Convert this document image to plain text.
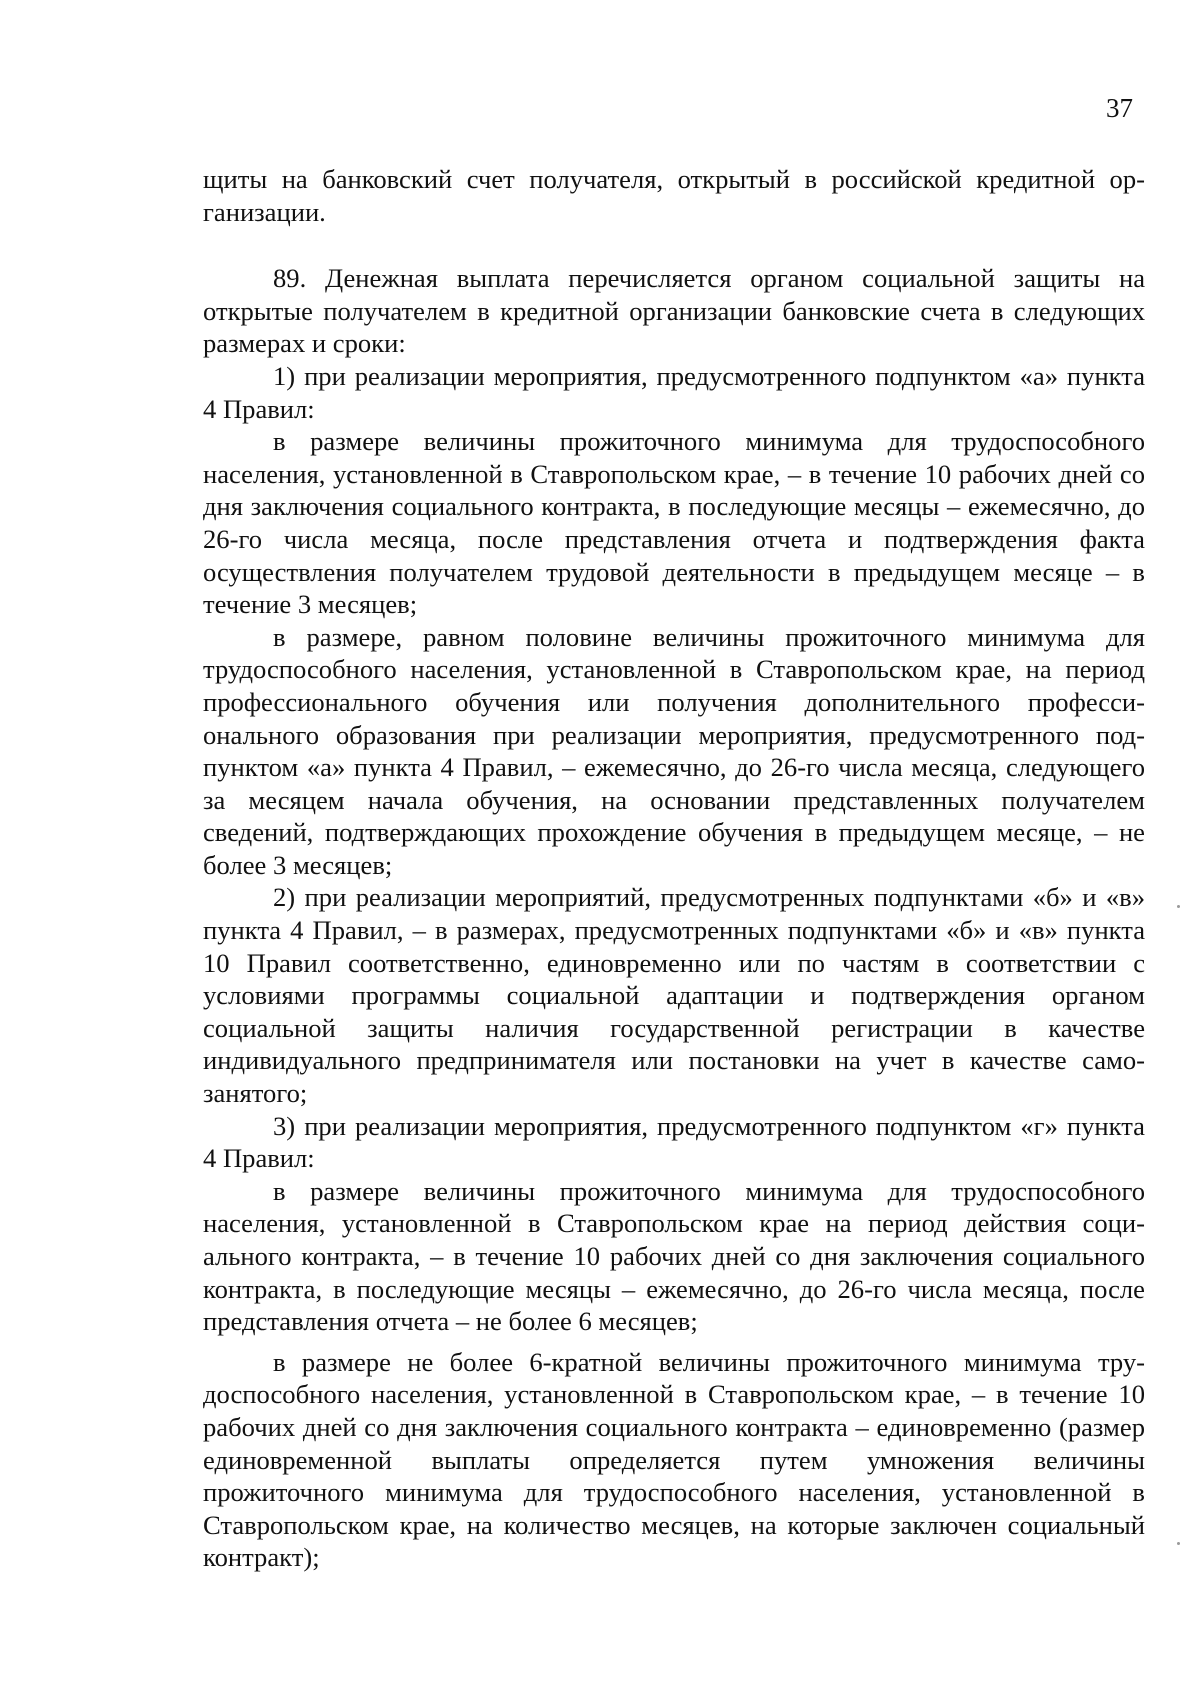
37

щиты на банковский счет получателя, открытый в российской кредитной организации.

89. Денежная выплата перечисляется органом социальной защиты на открытые получателем в кредитной организации банковские счета в следующих размерах и сроки:

1) при реализации мероприятия, предусмотренного подпунктом «а» пункта 4 Правил:

в размере величины прожиточного минимума для трудоспособного населения, установленной в Ставропольском крае, – в течение 10 рабочих дней со дня заключения социального контракта, в последующие месяцы – ежемесячно, до 26-го числа месяца, после представления отчета и подтверждения факта осуществления получателем трудовой деятельности в предыдущем месяце – в течение 3 месяцев;

в размере, равном половине величины прожиточного минимума для трудоспособного населения, установленной в Ставропольском крае, на период профессионального обучения или получения дополнительного профессионального образования при реализации мероприятия, предусмотренного подпунктом «а» пункта 4 Правил, – ежемесячно, до 26-го числа месяца, следующего за месяцем начала обучения, на основании представленных получателем сведений, подтверждающих прохождение обучения в предыдущем месяце, – не более 3 месяцев;

2) при реализации мероприятий, предусмотренных подпунктами «б» и «в» пункта 4 Правил, – в размерах, предусмотренных подпунктами «б» и «в» пункта 10 Правил соответственно, единовременно или по частям в соответствии с условиями программы социальной адаптации и подтверждения органом социальной защиты наличия государственной регистрации в качестве индивидуального предпринимателя или постановки на учет в качестве самозанятого;

3) при реализации мероприятия, предусмотренного подпунктом «г» пункта 4 Правил:

в размере величины прожиточного минимума для трудоспособного населения, установленной в Ставропольском крае на период действия социального контракта, – в течение 10 рабочих дней со дня заключения социального контракта, в последующие месяцы – ежемесячно, до 26-го числа месяца, после представления отчета – не более 6 месяцев;

в размере не более 6-кратной величины прожиточного минимума трудоспособного населения, установленной в Ставропольском крае, – в течение 10 рабочих дней со дня заключения социального контракта – единовременно (размер единовременной выплаты определяется путем умножения величины прожиточного минимума для трудоспособного населения, установленной в Ставропольском крае, на количество месяцев, на которые заключен социальный контракт);
